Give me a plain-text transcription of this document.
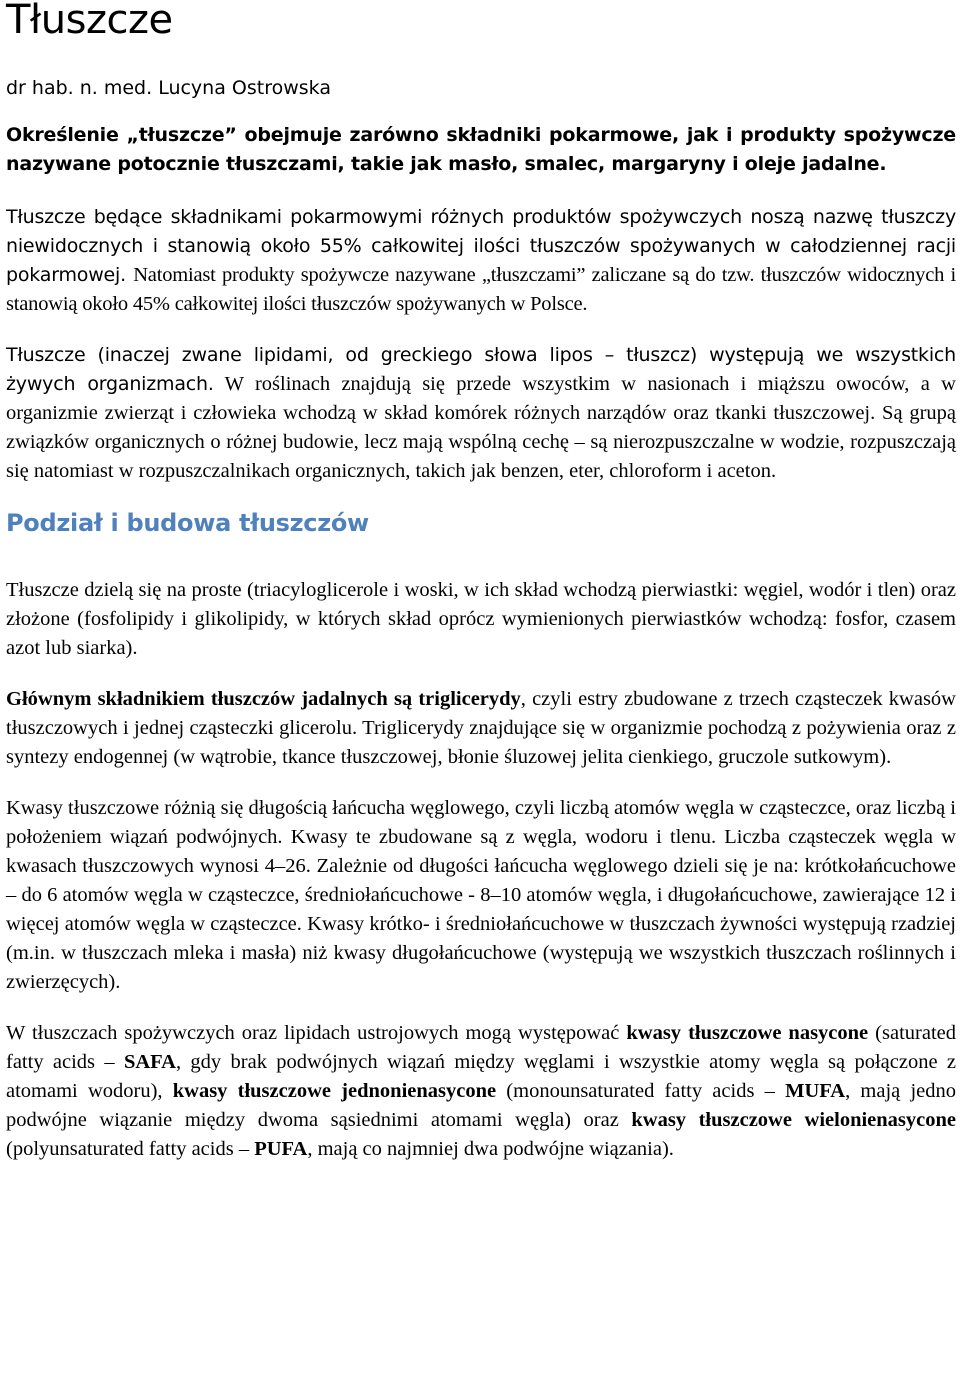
Tłuszcze

dr hab. n. med. Lucyna Ostrowska

Określenie „tłuszcze” obejmuje zarówno składniki pokarmowe, jak i produkty spożywcze nazywane potocznie tłuszczami, takie jak masło, smalec, margaryny i oleje jadalne.

Tłuszcze będące składnikami pokarmowymi różnych produktów spożywczych noszą nazwę tłuszczy niewidocznych i stanowią około 55% całkowitej ilości tłuszczów spożywanych w całodziennej racji pokarmowej. Natomiast produkty spożywcze nazywane „tłuszczami” zaliczane są do tzw. tłuszczów widocznych i stanowią około 45% całkowitej ilości tłuszczów spożywanych w Polsce.

Tłuszcze (inaczej zwane lipidami, od greckiego słowa lipos – tłuszcz) występują we wszystkich żywych organizmach. W roślinach znajdują się przede wszystkim w nasionach i miąższu owoców, a w organizmie zwierząt i człowieka wchodzą w skład komórek różnych narządów oraz tkanki tłuszczowej. Są grupą związków organicznych o różnej budowie, lecz mają wspólną cechę – są nierozpuszczalne w wodzie, rozpuszczają się natomiast w rozpuszczalnikach organicznych, takich jak benzen, eter, chloroform i aceton.

Podział i budowa tłuszczów

Tłuszcze dzielą się na proste (triacyloglicerole i woski, w ich skład wchodzą pierwiastki: węgiel, wodór i tlen) oraz złożone (fosfolipidy i glikolipidy, w których skład oprócz wymienionych pierwiastków wchodzą: fosfor, czasem azot lub siarka).

Głównym składnikiem tłuszczów jadalnych są triglicerydy, czyli estry zbudowane z trzech cząsteczek kwasów tłuszczowych i jednej cząsteczki glicerolu. Triglicerydy znajdujące się w organizmie pochodzą z pożywienia oraz z syntezy endogennej (w wątrobie, tkance tłuszczowej, błonie śluzowej jelita cienkiego, gruczole sutkowym).

Kwasy tłuszczowe różnią się długością łańcucha węglowego, czyli liczbą atomów węgla w cząsteczce, oraz liczbą i położeniem wiązań podwójnych. Kwasy te zbudowane są z węgla, wodoru i tlenu. Liczba cząsteczek węgla w kwasach tłuszczowych wynosi 4–26. Zależnie od długości łańcucha węglowego dzieli się je na: krótkołańcuchowe – do 6 atomów węgla w cząsteczce, średniołańcuchowe - 8–10 atomów węgla, i długołańcuchowe, zawierające 12 i więcej atomów węgla w cząsteczce. Kwasy krótko- i średniołańcuchowe w tłuszczach żywności występują rzadziej (m.in. w tłuszczach mleka i masła) niż kwasy długołańcuchowe (występują we wszystkich tłuszczach roślinnych i zwierzęcych).

W tłuszczach spożywczych oraz lipidach ustrojowych mogą występować kwasy tłuszczowe nasycone (saturated fatty acids – SAFA, gdy brak podwójnych wiązań między węglami i wszystkie atomy węgla są połączone z atomami wodoru), kwasy tłuszczowe jednonienasycone (monounsaturated fatty acids – MUFA, mają jedno podwójne wiązanie między dwoma sąsiednimi atomami węgla) oraz kwasy tłuszczowe wielonienasycone (polyunsaturated fatty acids – PUFA, mają co najmniej dwa podwójne wiązania).
